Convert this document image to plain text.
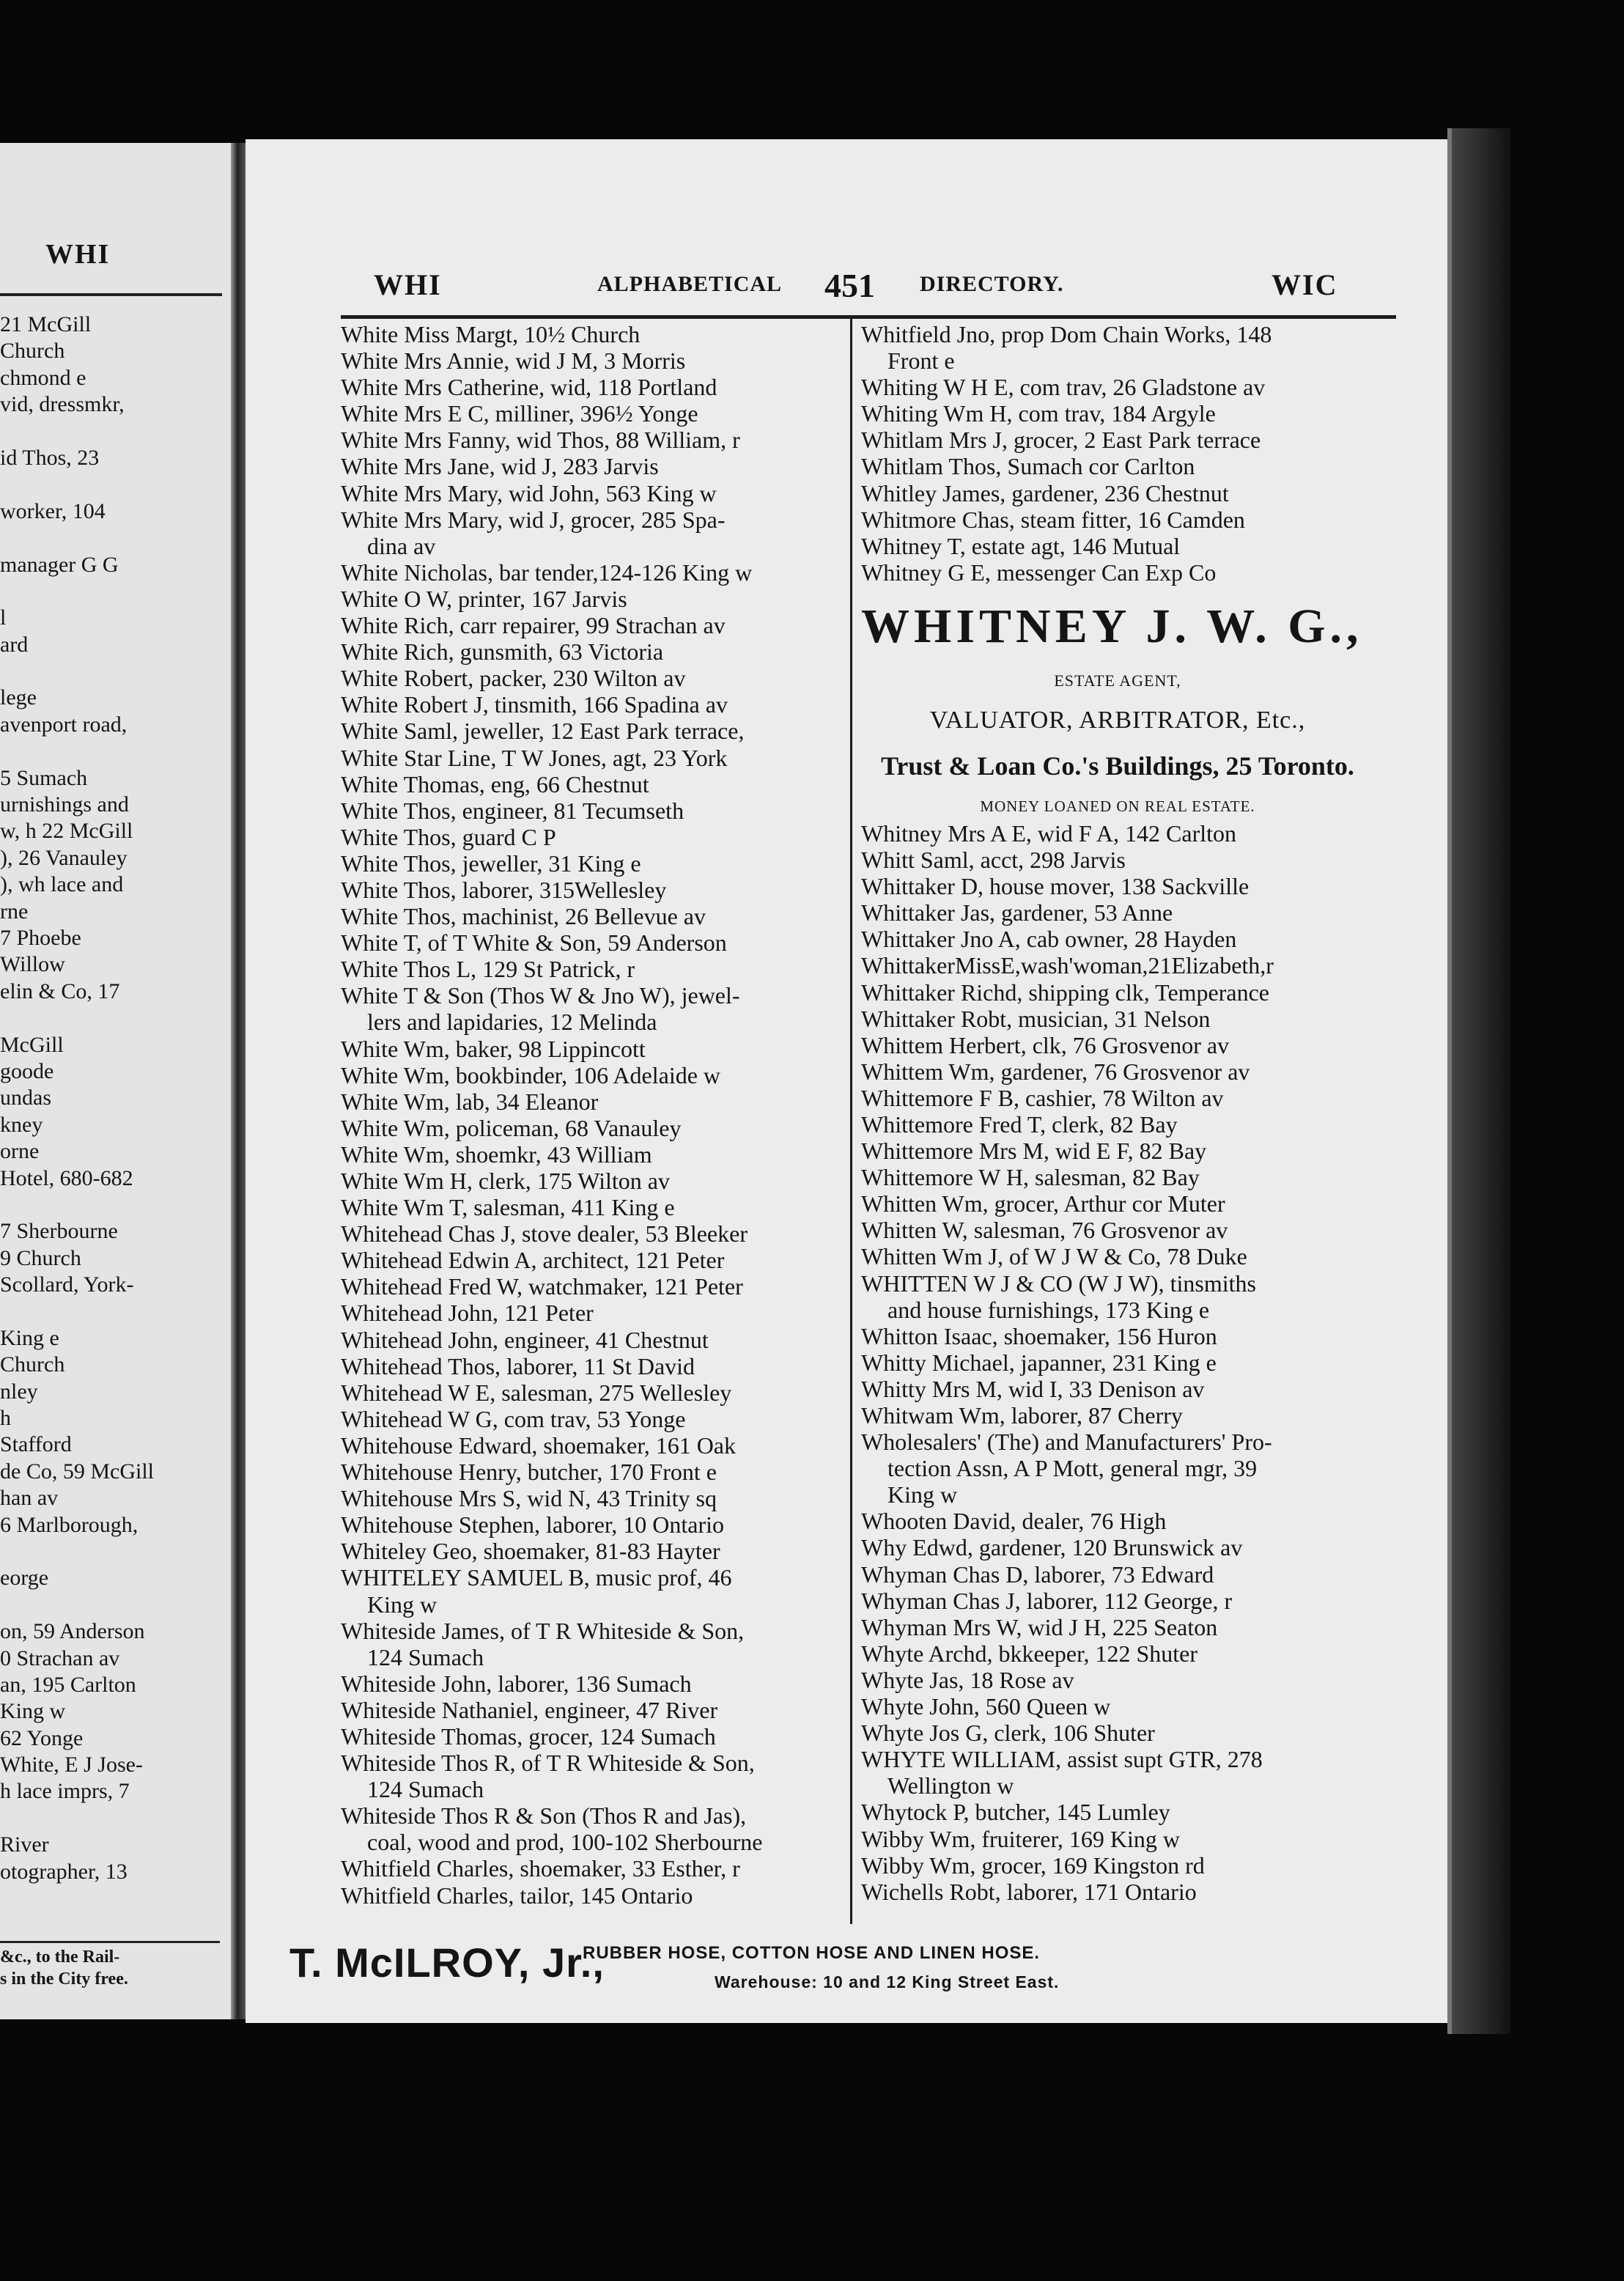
WHI
21 McGill
Church
chmond e
vid, dressmkr,
id Thos, 23
worker, 104
manager G G
l
ard
lege
avenport road,
5 Sumach
urnishings and
w, h 22 McGill
), 26 Vanauley
), wh lace and
rne
7 Phoebe
Willow
elin & Co, 17
McGill
goode
undas
kney
orne
Hotel, 680-682
7 Sherbourne
9 Church
Scollard, York-
King e
Church
nley
h
Stafford
de Co, 59 McGill
han av
6 Marlborough,
eorge
on, 59 Anderson
0 Strachan av
an, 195 Carlton
King w
62 Yonge
White, E J Jose-
h lace imprs, 7
River
otographer, 13
&c., to the Rail-
s in the City free.
WHI	ALPHABETICAL 451 DIRECTORY.	WIC
White Miss Margt, 10½ Church
White Mrs Annie, wid J M, 3 Morris
White Mrs Catherine, wid, 118 Portland
White Mrs E C, milliner, 396½ Yonge
White Mrs Fanny, wid Thos, 88 William, r
White Mrs Jane, wid J, 283 Jarvis
White Mrs Mary, wid John, 563 King w
White Mrs Mary, wid J, grocer, 285 Spa-
dina av
White Nicholas, bar tender,124-126 King w
White O W, printer, 167 Jarvis
White Rich, carr repairer, 99 Strachan av
White Rich, gunsmith, 63 Victoria
White Robert, packer, 230 Wilton av
White Robert J, tinsmith, 166 Spadina av
White Saml, jeweller, 12 East Park terrace,
White Star Line, T W Jones, agt, 23 York
White Thomas, eng, 66 Chestnut
White Thos, engineer, 81 Tecumseth
White Thos, guard C P
White Thos, jeweller, 31 King e
White Thos, laborer, 315Wellesley
White Thos, machinist, 26 Bellevue av
White T, of T White & Son, 59 Anderson
White Thos L, 129 St Patrick, r
White T & Son (Thos W & Jno W), jewel-
lers and lapidaries, 12 Melinda
White Wm, baker, 98 Lippincott
White Wm, bookbinder, 106 Adelaide w
White Wm, lab, 34 Eleanor
White Wm, policeman, 68 Vanauley
White Wm, shoemkr, 43 William
White Wm H, clerk, 175 Wilton av
White Wm T, salesman, 411 King e
Whitehead Chas J, stove dealer, 53 Bleeker
Whitehead Edwin A, architect, 121 Peter
Whitehead Fred W, watchmaker, 121 Peter
Whitehead John, 121 Peter
Whitehead John, engineer, 41 Chestnut
Whitehead Thos, laborer, 11 St David
Whitehead W E, salesman, 275 Wellesley
Whitehead W G, com trav, 53 Yonge
Whitehouse Edward, shoemaker, 161 Oak
Whitehouse Henry, butcher, 170 Front e
Whitehouse Mrs S, wid N, 43 Trinity sq
Whitehouse Stephen, laborer, 10 Ontario
Whiteley Geo, shoemaker, 81-83 Hayter
WHITELEY SAMUEL B, music prof, 46
King w
Whiteside James, of T R Whiteside & Son,
124 Sumach
Whiteside John, laborer, 136 Sumach
Whiteside Nathaniel, engineer, 47 River
Whiteside Thomas, grocer, 124 Sumach
Whiteside Thos R, of T R Whiteside & Son,
124 Sumach
Whiteside Thos R & Son (Thos R and Jas),
coal, wood and prod, 100-102 Sherbourne
Whitfield Charles, shoemaker, 33 Esther, r
Whitfield Charles, tailor, 145 Ontario
Whitfield Jno, prop Dom Chain Works, 148
Front e
Whiting W H E, com trav, 26 Gladstone av
Whiting Wm H, com trav, 184 Argyle
Whitlam Mrs J, grocer, 2 East Park terrace
Whitlam Thos, Sumach cor Carlton
Whitley James, gardener, 236 Chestnut
Whitmore Chas, steam fitter, 16 Camden
Whitney T, estate agt, 146 Mutual
Whitney G E, messenger Can Exp Co
WHITNEY J. W. G.,
ESTATE AGENT,
VALUATOR, ARBITRATOR, Etc.,
Trust & Loan Co.'s Buildings, 25 Toronto.
MONEY LOANED ON REAL ESTATE.
Whitney Mrs A E, wid F A, 142 Carlton
Whitt Saml, acct, 298 Jarvis
Whittaker D, house mover, 138 Sackville
Whittaker Jas, gardener, 53 Anne
Whittaker Jno A, cab owner, 28 Hayden
WhittakerMissE,wash'woman,21Elizabeth,r
Whittaker Richd, shipping clk, Temperance
Whittaker Robt, musician, 31 Nelson
Whittem Herbert, clk, 76 Grosvenor av
Whittem Wm, gardener, 76 Grosvenor av
Whittemore F B, cashier, 78 Wilton av
Whittemore Fred T, clerk, 82 Bay
Whittemore Mrs M, wid E F, 82 Bay
Whittemore W H, salesman, 82 Bay
Whitten Wm, grocer, Arthur cor Muter
Whitten W, salesman, 76 Grosvenor av
Whitten Wm J, of W J W & Co, 78 Duke
WHITTEN W J & CO (W J W), tinsmiths
and house furnishings, 173 King e
Whitton Isaac, shoemaker, 156 Huron
Whitty Michael, japanner, 231 King e
Whitty Mrs M, wid I, 33 Denison av
Whitwam Wm, laborer, 87 Cherry
Wholesalers' (The) and Manufacturers' Pro-
tection Assn, A P Mott, general mgr, 39
King w
Whooten David, dealer, 76 High
Why Edwd, gardener, 120 Brunswick av
Whyman Chas D, laborer, 73 Edward
Whyman Chas J, laborer, 112 George, r
Whyman Mrs W, wid J H, 225 Seaton
Whyte Archd, bkkeeper, 122 Shuter
Whyte Jas, 18 Rose av
Whyte John, 560 Queen w
Whyte Jos G, clerk, 106 Shuter
WHYTE WILLIAM, assist supt GTR, 278
Wellington w
Whytock P, butcher, 145 Lumley
Wibby Wm, fruiterer, 169 King w
Wibby Wm, grocer, 169 Kingston rd
Wichells Robt, laborer, 171 Ontario
T. McILROY, Jr.,
RUBBER HOSE, COTTON HOSE AND LINEN HOSE.
Warehouse: 10 and 12 King Street East.
